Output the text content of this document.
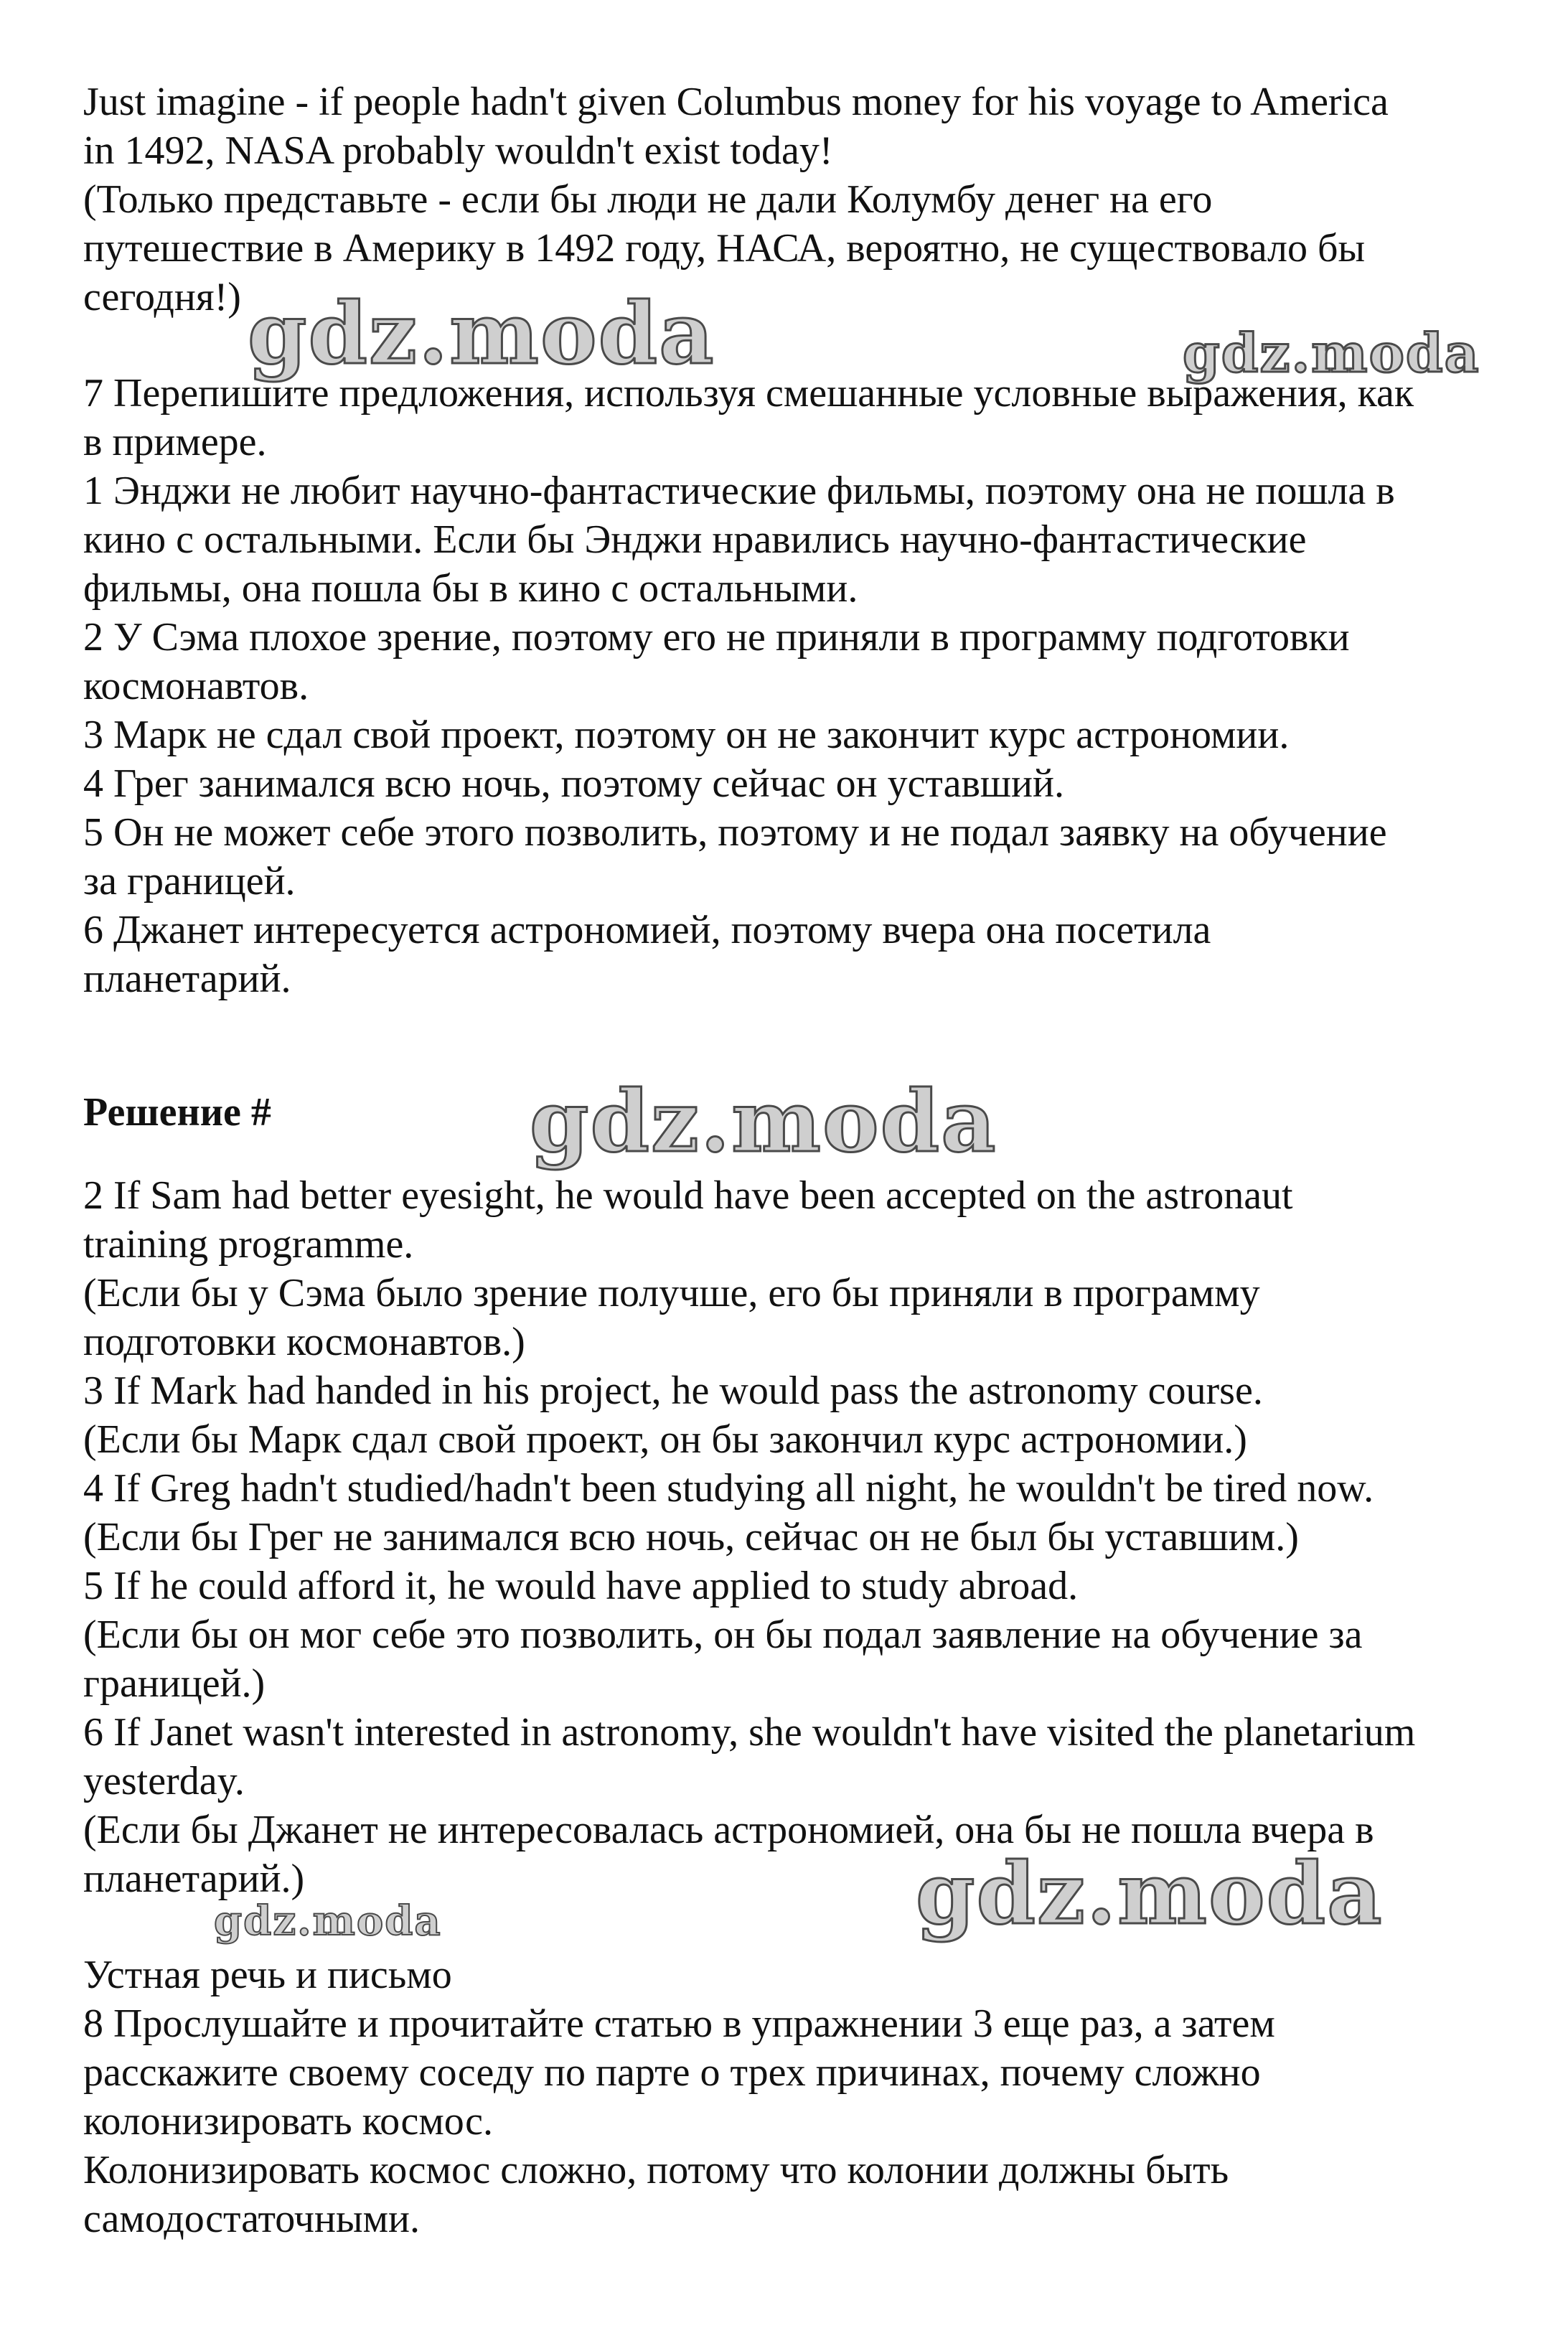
Just imagine - if people hadn't given Columbus money for his voyage to America
in 1492, NASA probably wouldn't exist today!
(Только представьте - если бы люди не дали Колумбу денег на его
путешествие в Америку в 1492 году, НАСА, вероятно, не существовало бы
сегодня!)
7 Перепишите предложения, используя смешанные условные выражения, как
в примере.
1 Энджи не любит научно-фантастические фильмы, поэтому она не пошла в
кино с остальными. Если бы Энджи нравились научно-фантастические
фильмы, она пошла бы в кино с остальными.
2 У Сэма плохое зрение, поэтому его не приняли в программу подготовки
космонавтов.
3 Марк не сдал свой проект, поэтому он не закончит курс астрономии.
4 Грег занимался всю ночь, поэтому сейчас он уставший.
5 Он не может себе этого позволить, поэтому и не подал заявку на обучение
за границей.
6 Джанет интересуется астрономией, поэтому вчера она посетила
планетарий.
Решение #
2 If Sam had better eyesight, he would have been accepted on the astronaut
training programme.
(Если бы у Сэма было зрение получше, его бы приняли в программу
подготовки космонавтов.)
3 If Mark had handed in his project, he would pass the astronomy course.
(Если бы Марк сдал свой проект, он бы закончил курс астрономии.)
4 If Greg hadn't studied/hadn't been studying all night, he wouldn't be tired now.
(Если бы Грег не занимался всю ночь, сейчас он не был бы уставшим.)
5 If he could afford it, he would have applied to study abroad.
(Если бы он мог себе это позволить, он бы подал заявление на обучение за
границей.)
6 If Janet wasn't interested in astronomy, she wouldn't have visited the planetarium
yesterday.
(Если бы Джанет не интересовалась астрономией, она бы не пошла вчера в
планетарий.)
Устная речь и письмо
8 Прослушайте и прочитайте статью в упражнении 3 еще раз, а затем
расскажите своему соседу по парте о трех причинах, почему сложно
колонизировать космос.
Колонизировать космос сложно, потому что колонии должны быть
самодостаточными.
gdz.moda	gdz.moda
gdz.moda
gdz.moda
gdz.moda
